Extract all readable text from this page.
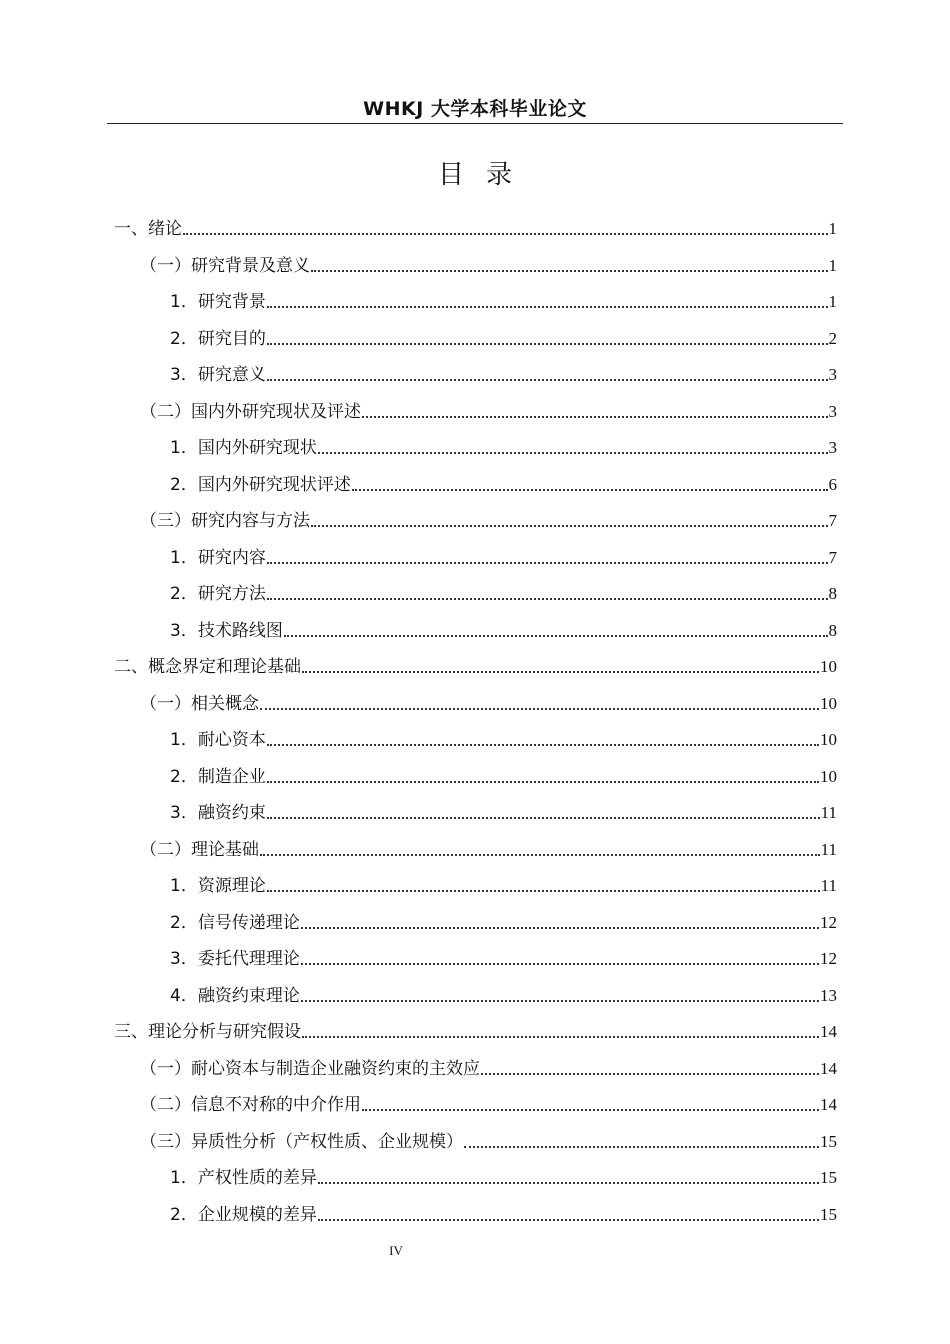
WHKJ 大学本科毕业论文
目录
一、绪论	1
（一）研究背景及意义	1
1．研究背景	1
2．研究目的	2
3．研究意义	3
（二）国内外研究现状及评述	3
1．国内外研究现状	3
2．国内外研究现状评述	6
（三）研究内容与方法	7
1．研究内容	7
2．研究方法	8
3．技术路线图	8
二、概念界定和理论基础	10
（一）相关概念	10
1．耐心资本	10
2．制造企业	10
3．融资约束	11
（二）理论基础	11
1．资源理论	11
2．信号传递理论	12
3．委托代理理论	12
4．融资约束理论	13
三、理论分析与研究假设	14
（一）耐心资本与制造企业融资约束的主效应	14
（二）信息不对称的中介作用	14
（三）异质性分析（产权性质、企业规模）	15
1．产权性质的差异	15
2．企业规模的差异	15
IV
